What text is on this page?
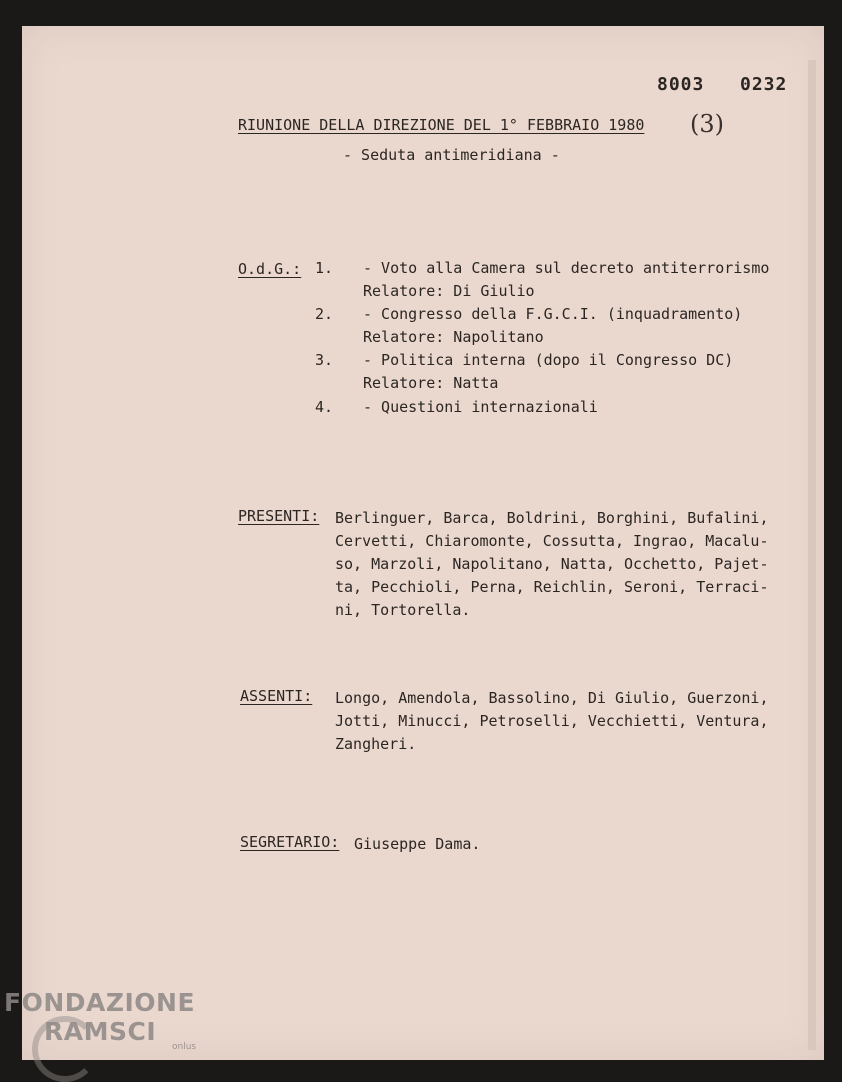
8003 0232
RIUNIONE DELLA DIREZIONE DEL 1° FEBBRAIO 1980 (3)
- Seduta antimeridiana -
O.d.G.: 1. - Voto alla Camera sul decreto antiterrorismo
Relatore: Di Giulio
2. - Congresso della F.G.C.I. (inquadramento)
Relatore: Napolitano
3. - Politica interna (dopo il Congresso DC)
Relatore: Natta
4. - Questioni internazionali
PRESENTI: Berlinguer, Barca, Boldrini, Borghini, Bufalini,
Cervetti, Chiaromonte, Cossutta, Ingrao, Macalu-
so, Marzoli, Napolitano, Natta, Occhetto, Pajet-
ta, Pecchioli, Perna, Reichlin, Seroni, Terraci-
ni, Tortorella.
ASSENTI: Longo, Amendola, Bassolino, Di Giulio, Guerzoni,
Jotti, Minucci, Petroselli, Vecchietti, Ventura,
Zangheri.
SEGRETARIO: Giuseppe Dama.
FONDAZIONE
RAMSCI
onlus
